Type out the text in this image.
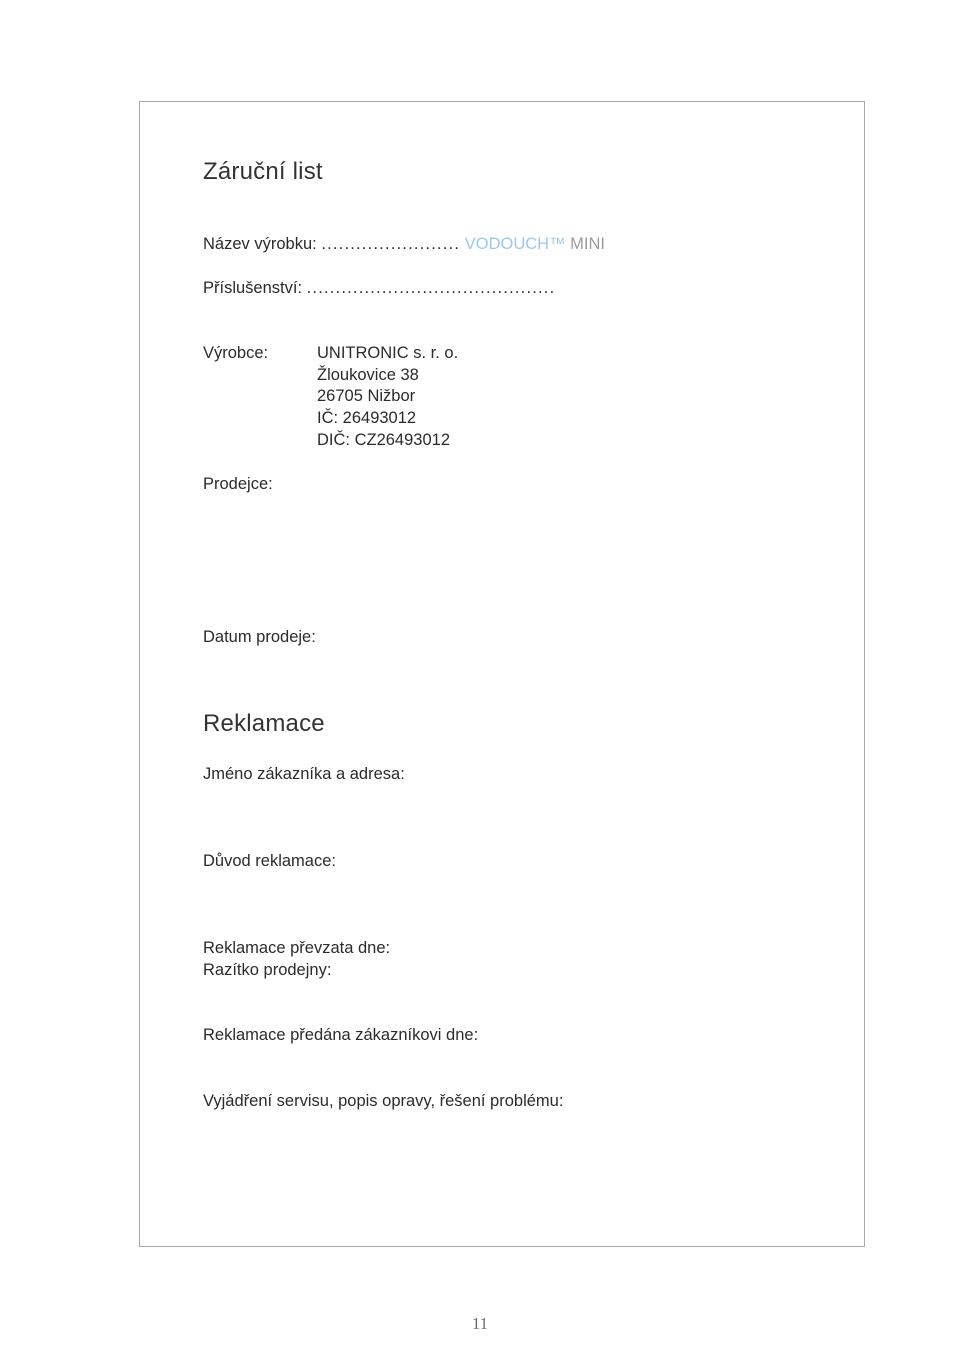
Záruční list
Název výrobku: ........................ VODOUCH™ MINI
Příslušenství: ...........................................
Výrobce:	UNITRONIC s. r. o.
Žloukovice 38
26705 Nižbor
IČ: 26493012
DIČ: CZ26493012
Prodejce:
Datum prodeje:
Reklamace
Jméno zákazníka a adresa:
Důvod reklamace:
Reklamace převzata dne:
Razítko prodejny:
Reklamace předána zákazníkovi dne:
Vyjádření servisu, popis opravy, řešení problému:
11
